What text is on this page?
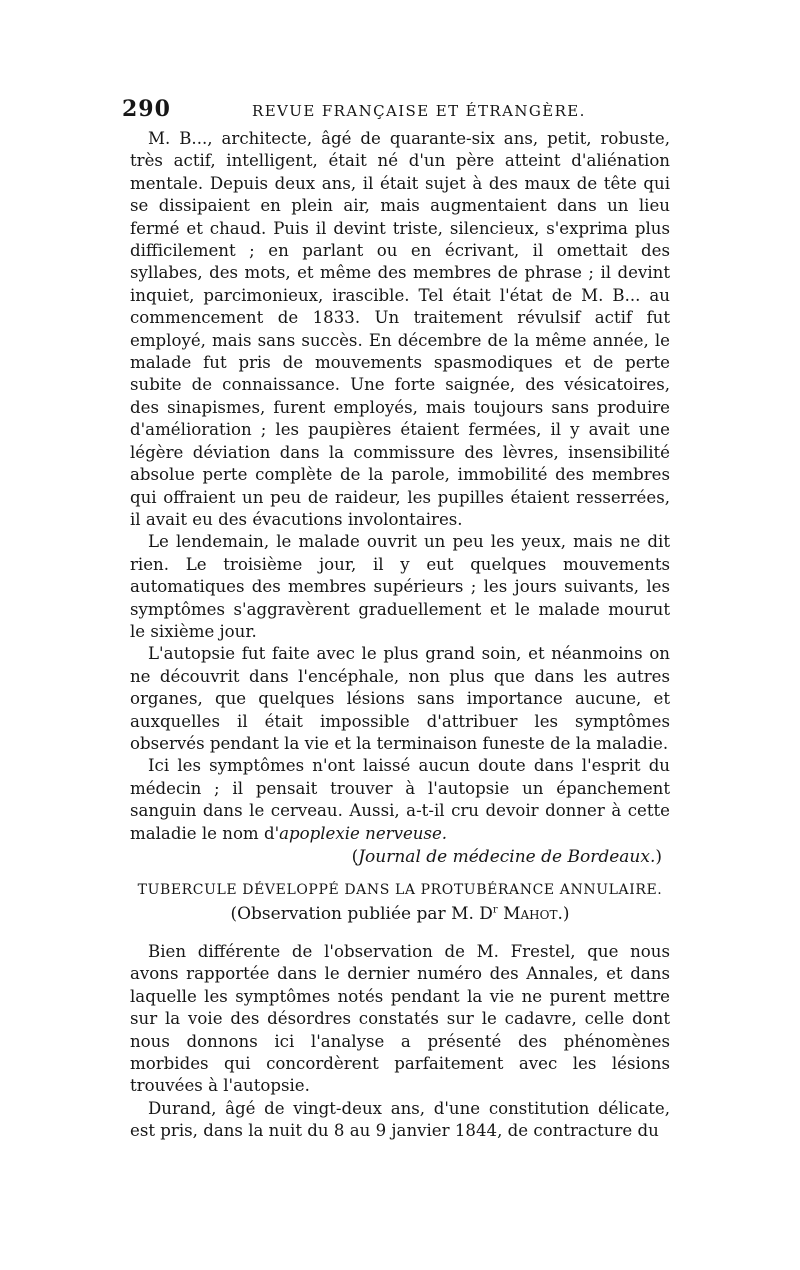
290	REVUE FRANÇAISE ET ÉTRANGÈRE.

M. B..., architecte, âgé de quarante-six ans, petit, robuste, très actif, intelligent, était né d'un père atteint d'aliénation mentale. Depuis deux ans, il était sujet à des maux de tête qui se dissipaient en plein air, mais augmentaient dans un lieu fermé et chaud. Puis il devint triste, silencieux, s'exprima plus difficilement ; en parlant ou en écrivant, il omettait des syllabes, des mots, et même des membres de phrase ; il devint inquiet, parcimonieux, irascible. Tel était l'état de M. B... au commencement de 1833. Un traitement révulsif actif fut employé, mais sans succès. En décembre de la même année, le malade fut pris de mouvements spasmodiques et de perte subite de connaissance. Une forte saignée, des vésicatoires, des sinapismes, furent employés, mais toujours sans produire d'amélioration ; les paupières étaient fermées, il y avait une légère déviation dans la commissure des lèvres, insensibilité absolue perte complète de la parole, immobilité des membres qui offraient un peu de raideur, les pupilles étaient resserrées, il avait eu des évacutions involontaires.

Le lendemain, le malade ouvrit un peu les yeux, mais ne dit rien. Le troisième jour, il y eut quelques mouvements automatiques des membres supérieurs ; les jours suivants, les symptômes s'aggravèrent graduellement et le malade mourut le sixième jour.

L'autopsie fut faite avec le plus grand soin, et néanmoins on ne découvrit dans l'encéphale, non plus que dans les autres organes, que quelques lésions sans importance aucune, et auxquelles il était impossible d'attribuer les symptômes observés pendant la vie et la terminaison funeste de la maladie.

Ici les symptômes n'ont laissé aucun doute dans l'esprit du médecin ; il pensait trouver à l'autopsie un épanchement sanguin dans le cerveau. Aussi, a-t-il cru devoir donner à cette maladie le nom d'apoplexie nerveuse.

(Journal de médecine de Bordeaux.)

TUBERCULE DÉVELOPPÉ DANS LA PROTUBÉRANCE ANNULAIRE.

(Observation publiée par M. $D^r$ Mahot.)

Bien différente de l'observation de M. Frestel, que nous avons rapportée dans le dernier numéro des Annales, et dans laquelle les symptômes notés pendant la vie ne purent mettre sur la voie des désordres constatés sur le cadavre, celle dont nous donnons ici l'analyse a présenté des phénomènes morbides qui concordèrent parfaitement avec les lésions trouvées à l'autopsie.

Durand, âgé de vingt-deux ans, d'une constitution délicate, est pris, dans la nuit du 8 au 9 janvier 1844, de contracture du
